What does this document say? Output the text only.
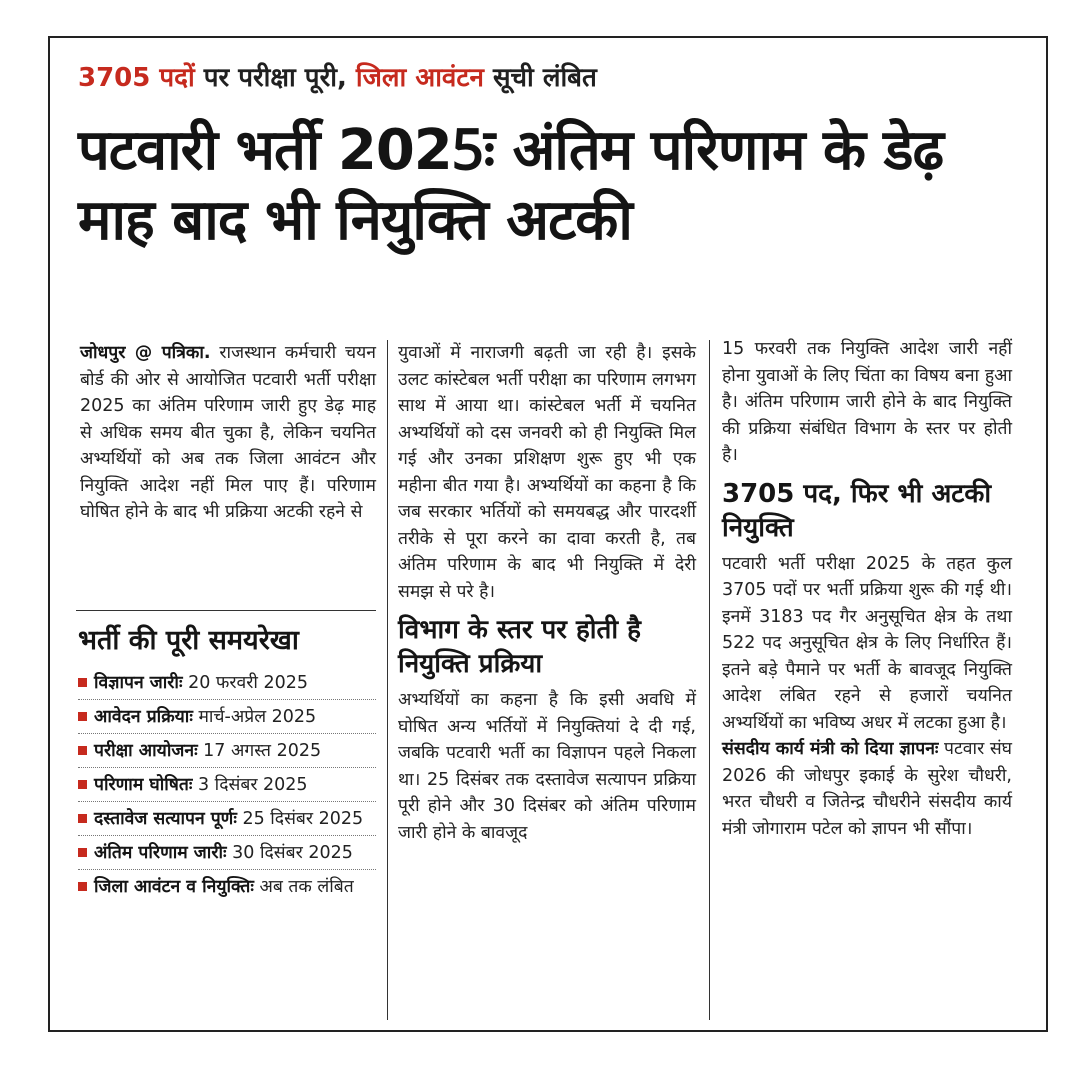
3705 पदों पर परीक्षा पूरी, जिला आवंटन सूची लंबित
पटवारी भर्ती 2025ः अंतिम परिणाम के डेढ़ माह बाद भी नियुक्ति अटकी
जोधपुर @ पत्रिका. राजस्थान कर्मचारी चयन बोर्ड की ओर से आयोजित पटवारी भर्ती परीक्षा 2025 का अंतिम परिणाम जारी हुए डेढ़ माह से अधिक समय बीत चुका है, लेकिन चयनित अभ्यर्थियों को अब तक जिला आवंटन और नियुक्ति आदेश नहीं मिल पाए हैं। परिणाम घोषित होने के बाद भी प्रक्रिया अटकी रहने से
भर्ती की पूरी समयरेखा
विज्ञापन जारीः 20 फरवरी 2025
आवेदन प्रक्रियाः मार्च-अप्रेल 2025
परीक्षा आयोजनः 17 अगस्त 2025
परिणाम घोषितः 3 दिसंबर 2025
दस्तावेज सत्यापन पूर्णः 25 दिसंबर 2025
अंतिम परिणाम जारीः 30 दिसंबर 2025
जिला आवंटन व नियुक्तिः अब तक लंबित
युवाओं में नाराजगी बढ़ती जा रही है। इसके उलट कांस्टेबल भर्ती परीक्षा का परिणाम लगभग साथ में आया था। कांस्टेबल भर्ती में चयनित अभ्यर्थियों को दस जनवरी को ही नियुक्ति मिल गई और उनका प्रशिक्षण शुरू हुए भी एक महीना बीत गया है। अभ्यर्थियों का कहना है कि जब सरकार भर्तियों को समयबद्ध और पारदर्शी तरीके से पूरा करने का दावा करती है, तब अंतिम परिणाम के बाद भी नियुक्ति में देरी समझ से परे है।
विभाग के स्तर पर होती है नियुक्ति प्रक्रिया
अभ्यर्थियों का कहना है कि इसी अवधि में घोषित अन्य भर्तियों में नियुक्तियां दे दी गई, जबकि पटवारी भर्ती का विज्ञापन पहले निकला था। 25 दिसंबर तक दस्तावेज सत्यापन प्रक्रिया पूरी होने और 30 दिसंबर को अंतिम परिणाम जारी होने के बावजूद
15 फरवरी तक नियुक्ति आदेश जारी नहीं होना युवाओं के लिए चिंता का विषय बना हुआ है। अंतिम परिणाम जारी होने के बाद नियुक्ति की प्रक्रिया संबंधित विभाग के स्तर पर होती है।
3705 पद, फिर भी अटकी नियुक्ति
पटवारी भर्ती परीक्षा 2025 के तहत कुल 3705 पदों पर भर्ती प्रक्रिया शुरू की गई थी। इनमें 3183 पद गैर अनुसूचित क्षेत्र के तथा 522 पद अनुसूचित क्षेत्र के लिए निर्धारित हैं। इतने बड़े पैमाने पर भर्ती के बावजूद नियुक्ति आदेश लंबित रहने से हजारों चयनित अभ्यर्थियों का भविष्य अधर में लटका हुआ है।
संसदीय कार्य मंत्री को दिया ज्ञापनः पटवार संघ 2026 की जोधपुर इकाई के सुरेश चौधरी, भरत चौधरी व जितेन्द्र चौधरीने संसदीय कार्य मंत्री जोगाराम पटेल को ज्ञापन भी सौंपा।
